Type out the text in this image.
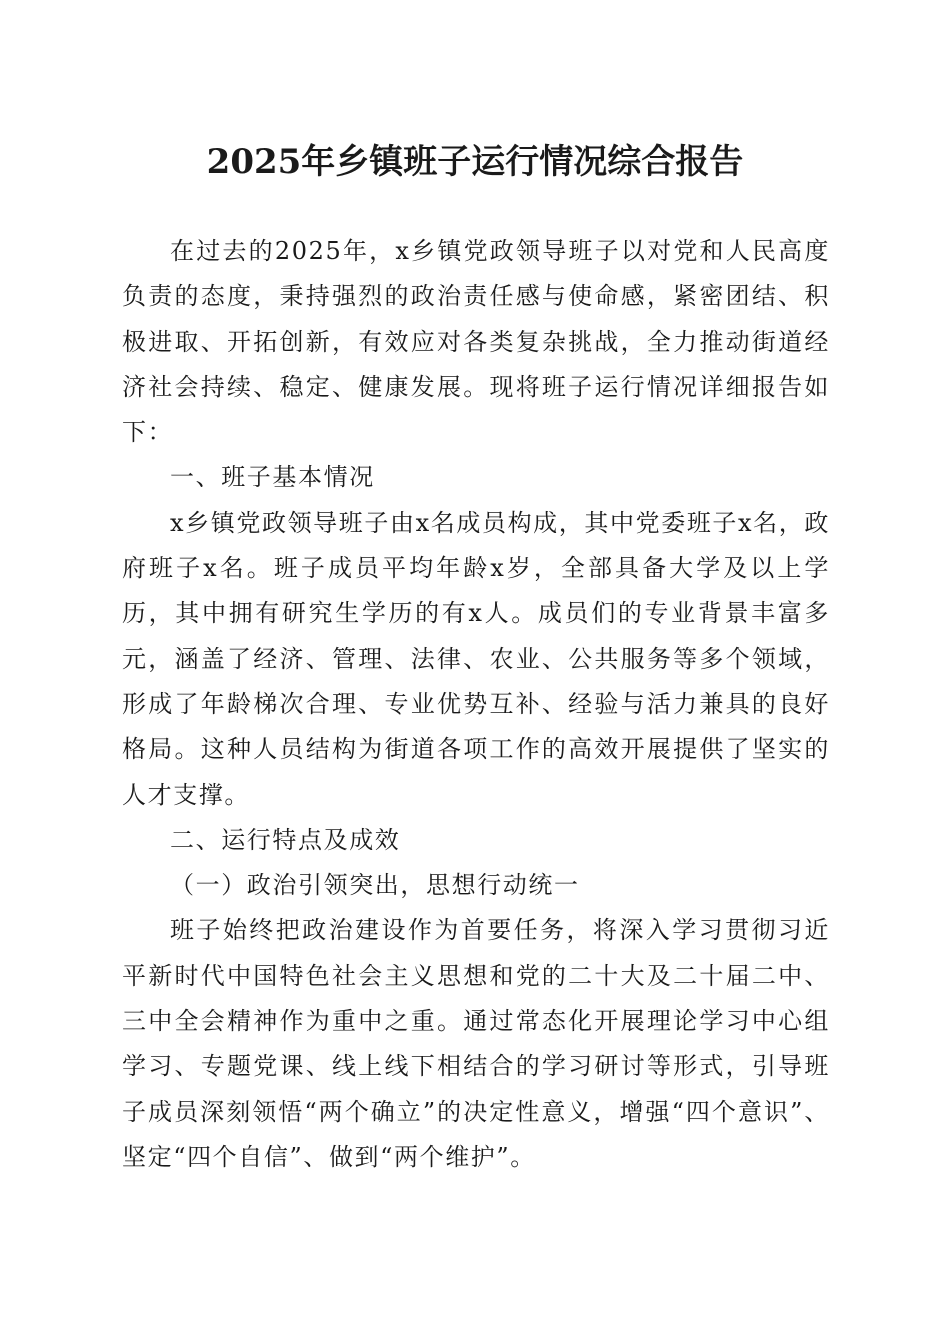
2025年乡镇班子运行情况综合报告

在过去的2025年，x乡镇党政领导班子以对党和人民高度负责的态度，秉持强烈的政治责任感与使命感，紧密团结、积极进取、开拓创新，有效应对各类复杂挑战，全力推动街道经济社会持续、稳定、健康发展。现将班子运行情况详细报告如下：

一、班子基本情况

x乡镇党政领导班子由x名成员构成，其中党委班子x名，政府班子x名。班子成员平均年龄x岁，全部具备大学及以上学历，其中拥有研究生学历的有x人。成员们的专业背景丰富多元，涵盖了经济、管理、法律、农业、公共服务等多个领域，形成了年龄梯次合理、专业优势互补、经验与活力兼具的良好格局。这种人员结构为街道各项工作的高效开展提供了坚实的人才支撑。

二、运行特点及成效

（一）政治引领突出，思想行动统一

班子始终把政治建设作为首要任务，将深入学习贯彻习近平新时代中国特色社会主义思想和党的二十大及二十届二中、三中全会精神作为重中之重。通过常态化开展理论学习中心组学习、专题党课、线上线下相结合的学习研讨等形式，引导班子成员深刻领悟“两个确立”的决定性意义，增强“四个意识”、坚定“四个自信”、做到“两个维护”。
